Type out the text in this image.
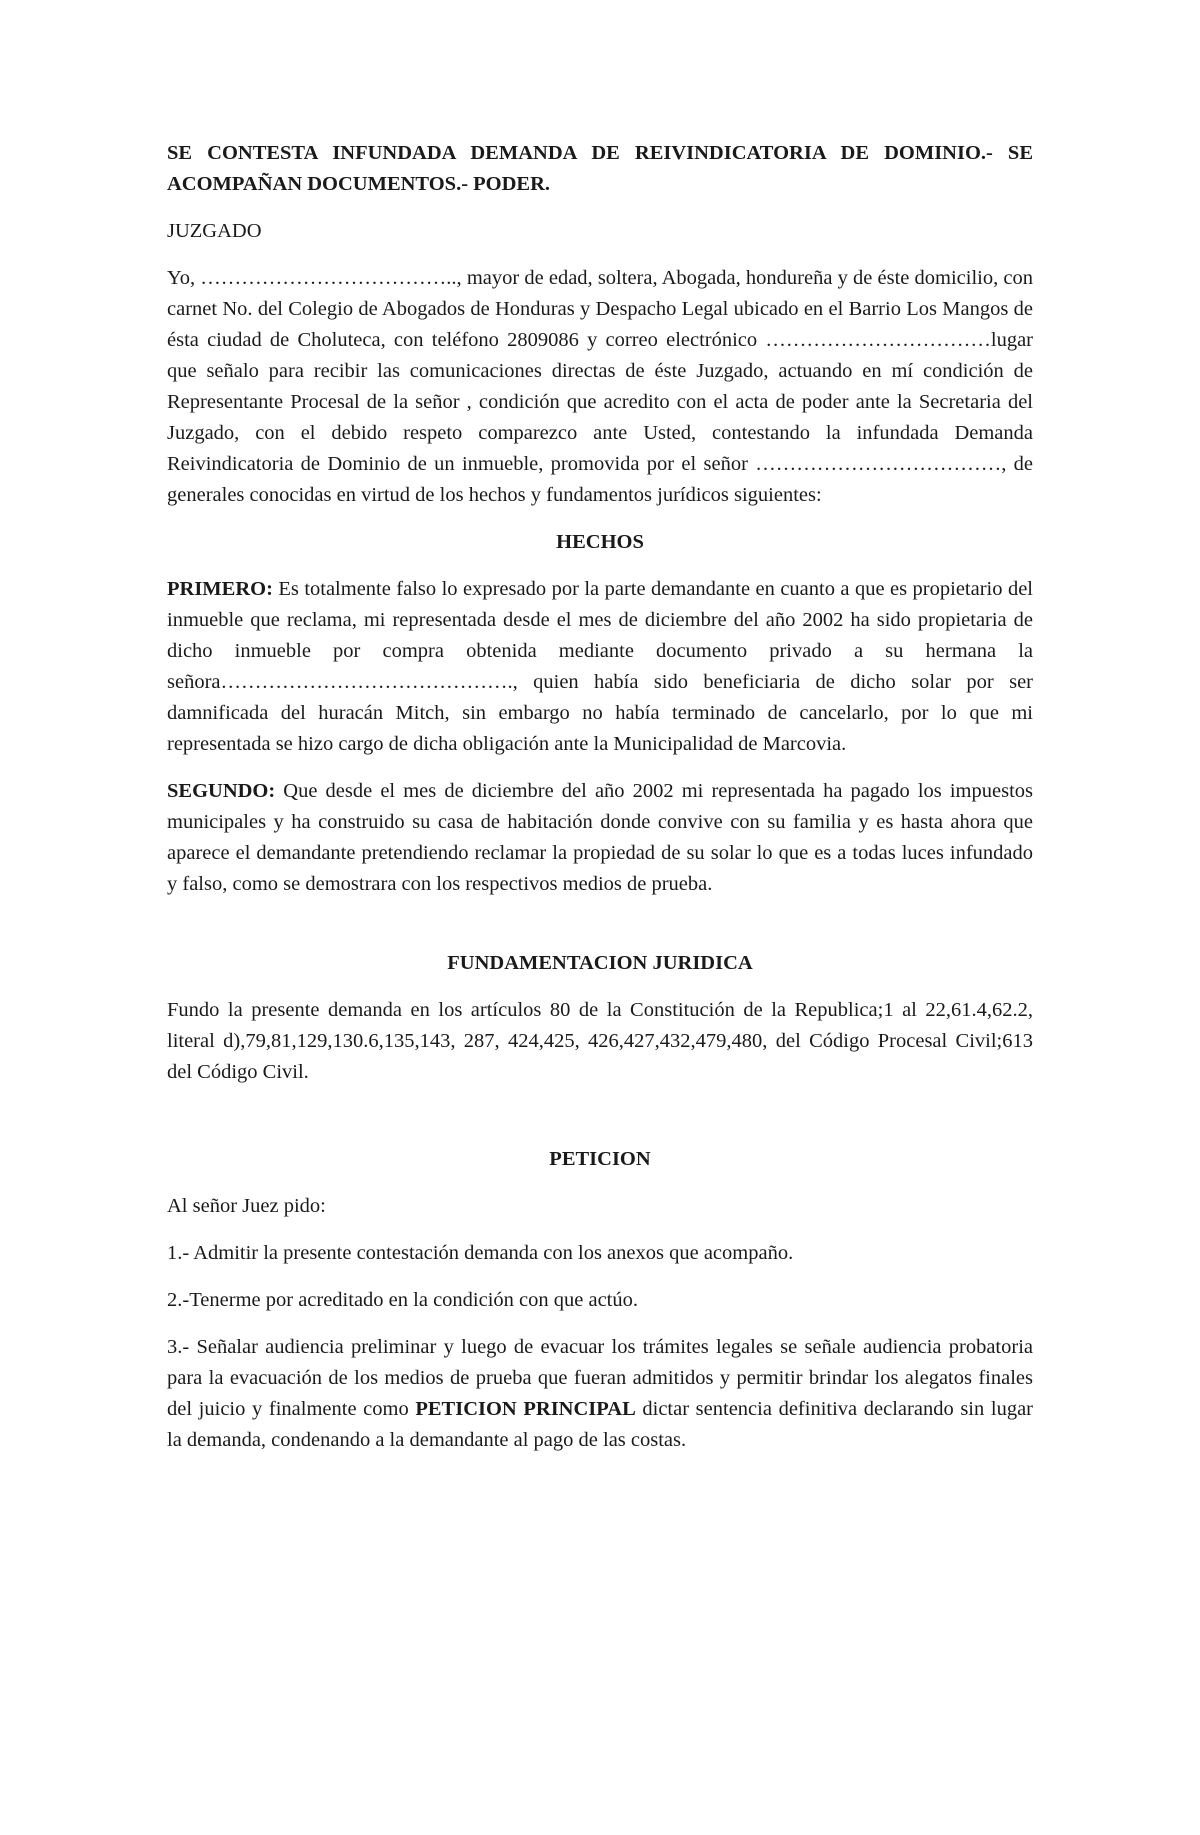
SE CONTESTA INFUNDADA DEMANDA DE REIVINDICATORIA DE DOMINIO.- SE ACOMPAÑAN DOCUMENTOS.- PODER.

JUZGADO

Yo, ……………………………….., mayor de edad, soltera, Abogada, hondureña y de éste domicilio, con carnet No. del Colegio de Abogados de Honduras y Despacho Legal ubicado en el Barrio Los Mangos de ésta ciudad de Choluteca, con teléfono 2809086 y correo electrónico ……………………………lugar que señalo para recibir las comunicaciones directas de éste Juzgado, actuando en mí condición de Representante Procesal de la señor , condición que acredito con el acta de poder ante la Secretaria del Juzgado, con el debido respeto comparezco ante Usted, contestando la infundada Demanda Reivindicatoria de Dominio de un inmueble, promovida por el señor ………………………………, de generales conocidas en virtud de los hechos y fundamentos jurídicos siguientes:

HECHOS

PRIMERO: Es totalmente falso lo expresado por la parte demandante en cuanto a que es propietario del inmueble que reclama, mi representada desde el mes de diciembre del año 2002 ha sido propietaria de dicho inmueble por compra obtenida mediante documento privado a su hermana la señora……………………………………., quien había sido beneficiaria de dicho solar por ser damnificada del huracán Mitch, sin embargo no había terminado de cancelarlo, por lo que mi representada se hizo cargo de dicha obligación ante la Municipalidad de Marcovia.

SEGUNDO: Que desde el mes de diciembre del año 2002 mi representada ha pagado los impuestos municipales y ha construido su casa de habitación donde convive con su familia y es hasta ahora que aparece el demandante pretendiendo reclamar la propiedad de su solar lo que es a todas luces infundado y falso, como se demostrara con los respectivos medios de prueba.

FUNDAMENTACION JURIDICA

Fundo la presente demanda en los artículos 80 de la Constitución de la Republica;1 al 22,61.4,62.2, literal d),79,81,129,130.6,135,143, 287, 424,425, 426,427,432,479,480, del Código Procesal Civil;613 del Código Civil.

PETICION

Al señor Juez pido:

1.- Admitir la presente contestación demanda con los anexos que acompaño.

2.-Tenerme por acreditado en la condición con que actúo.

3.- Señalar audiencia preliminar y luego de evacuar los trámites legales se señale audiencia probatoria para la evacuación de los medios de prueba que fueran admitidos y permitir brindar los alegatos finales del juicio y finalmente como PETICION PRINCIPAL dictar sentencia definitiva declarando sin lugar la demanda, condenando a la demandante al pago de las costas.
